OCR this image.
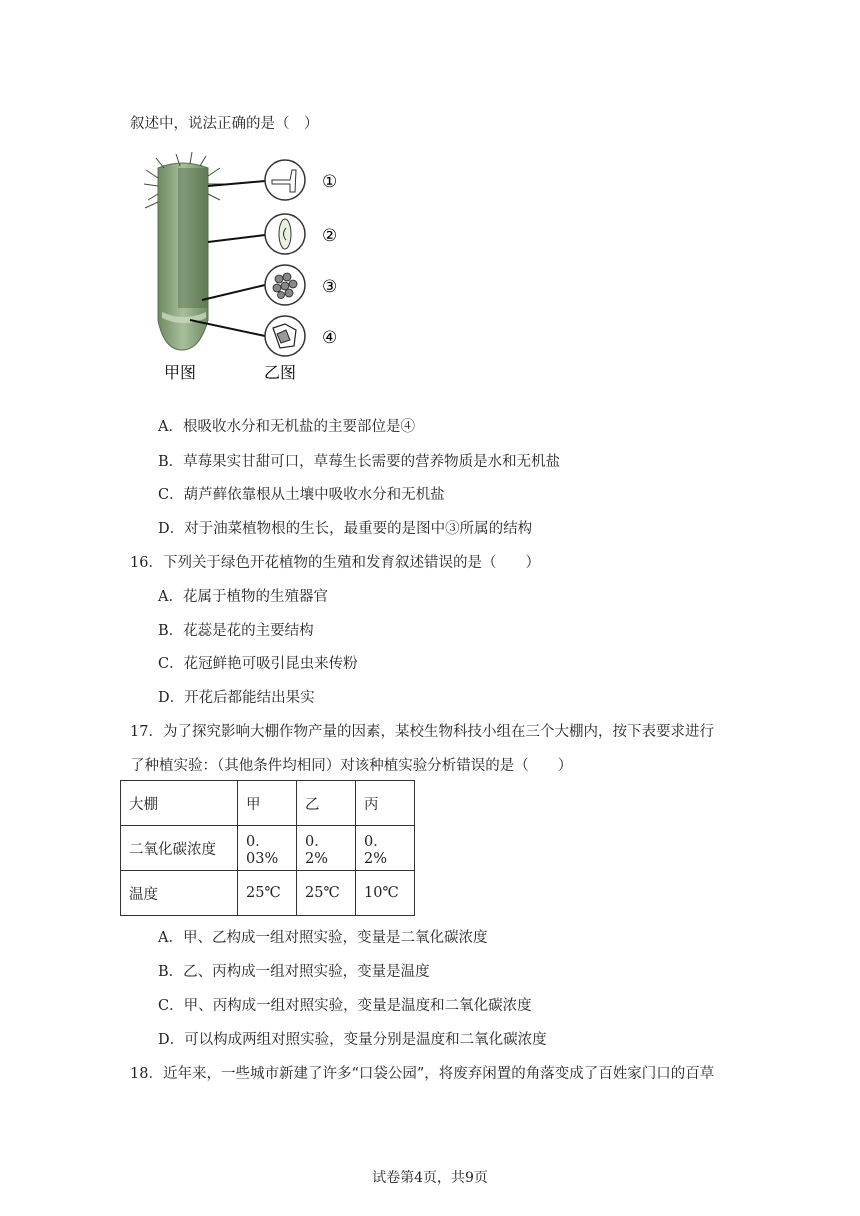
叙述中，说法正确的是（　）
①
②
③
④
甲图	乙图
A．根吸收水分和无机盐的主要部位是④
B．草莓果实甘甜可口，草莓生长需要的营养物质是水和无机盐
C．葫芦藓依靠根从土壤中吸收水分和无机盐
D．对于油菜植物根的生长，最重要的是图中③所属的结构
16．下列关于绿色开花植物的生殖和发育叙述错误的是（　　）
A．花属于植物的生殖器官
B．花蕊是花的主要结构
C．花冠鲜艳可吸引昆虫来传粉
D．开花后都能结出果实
17．为了探究影响大棚作物产量的因素，某校生物科技小组在三个大棚内，按下表要求进行
了种植实验：（其他条件均相同）对该种植实验分析错误的是（　　）
大棚	甲	乙	丙
二氧化碳浓度	0．03%	0．2%	0．2%
温度	25℃	25℃	10℃
A．甲、乙构成一组对照实验，变量是二氧化碳浓度
B．乙、丙构成一组对照实验，变量是温度
C．甲、丙构成一组对照实验，变量是温度和二氧化碳浓度
D．可以构成两组对照实验，变量分别是温度和二氧化碳浓度
18．近年来，一些城市新建了许多“口袋公园”，将废弃闲置的角落变成了百姓家门口的百草
试卷第4页，共9页
